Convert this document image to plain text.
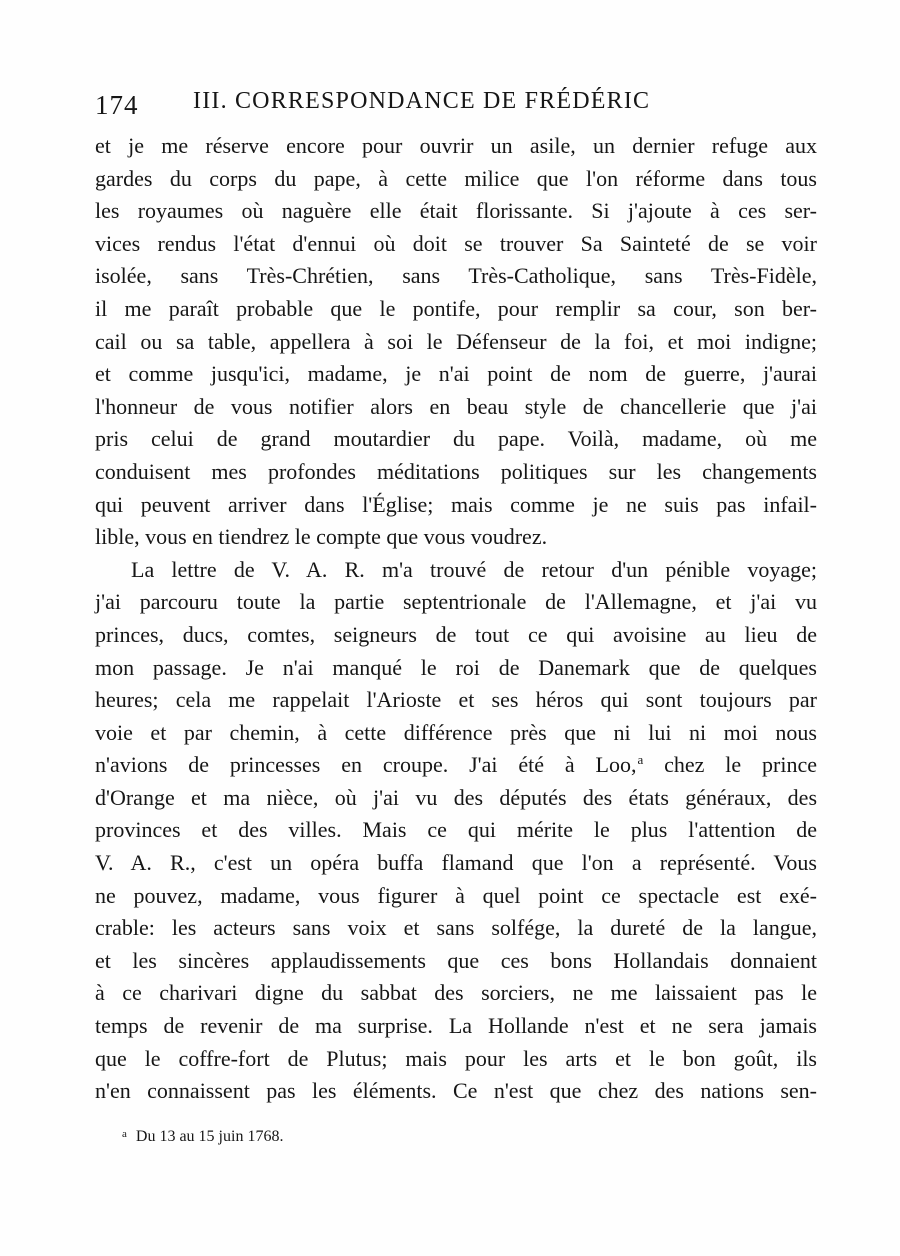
174 III. CORRESPONDANCE DE FRÉDÉRIC
et je me réserve encore pour ouvrir un asile, un dernier refuge aux
gardes du corps du pape, à cette milice que l'on réforme dans tous
les royaumes où naguère elle était florissante. Si j'ajoute à ces ser-
vices rendus l'état d'ennui où doit se trouver Sa Sainteté de se voir
isolée, sans Très-Chrétien, sans Très-Catholique, sans Très-Fidèle,
il me paraît probable que le pontife, pour remplir sa cour, son ber-
cail ou sa table, appellera à soi le Défenseur de la foi, et moi indigne;
et comme jusqu'ici, madame, je n'ai point de nom de guerre, j'aurai
l'honneur de vous notifier alors en beau style de chancellerie que j'ai
pris celui de grand moutardier du pape. Voilà, madame, où me
conduisent mes profondes méditations politiques sur les changements
qui peuvent arriver dans l'Église; mais comme je ne suis pas infail-
lible, vous en tiendrez le compte que vous voudrez.
La lettre de V. A. R. m'a trouvé de retour d'un pénible voyage;
j'ai parcouru toute la partie septentrionale de l'Allemagne, et j'ai vu
princes, ducs, comtes, seigneurs de tout ce qui avoisine au lieu de
mon passage. Je n'ai manqué le roi de Danemark que de quelques
heures; cela me rappelait l'Arioste et ses héros qui sont toujours par
voie et par chemin, à cette différence près que ni lui ni moi nous
n'avions de princesses en croupe. J'ai été à Loo,$^a$ chez le prince
d'Orange et ma nièce, où j'ai vu des députés des états généraux, des
provinces et des villes. Mais ce qui mérite le plus l'attention de
V. A. R., c'est un opéra buffa flamand que l'on a représenté. Vous
ne pouvez, madame, vous figurer à quel point ce spectacle est exé-
crable: les acteurs sans voix et sans solfége, la dureté de la langue,
et les sincères applaudissements que ces bons Hollandais donnaient
à ce charivari digne du sabbat des sorciers, ne me laissaient pas le
temps de revenir de ma surprise. La Hollande n'est et ne sera jamais
que le coffre-fort de Plutus; mais pour les arts et le bon goût, ils
n'en connaissent pas les éléments. Ce n'est que chez des nations sen-
$^a$ Du 13 au 15 juin 1768.
